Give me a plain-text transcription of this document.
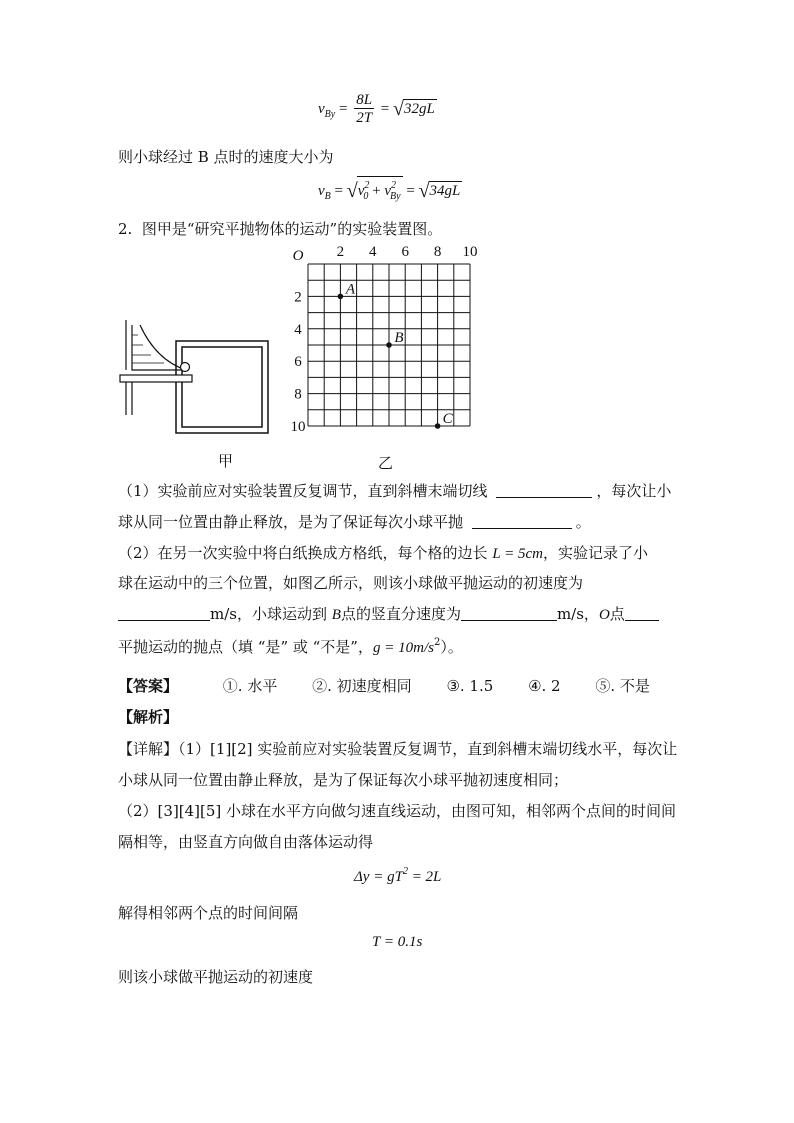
$v_{By} = \frac{8L}{2T} = √32gL$
则小球经过 B 点时的速度大小为
$v_B = √v^2_0 + v^2_{By} = √34gL$
2. 图甲是“研究平抛物体的运动”的实验装置图。
甲
O 2 4 6 8 10
2
4
6
8
10
A
B
C
乙
（1）实验前应对实验装置反复调节，直到斜槽末端切线	，每次让小
球从同一位置由静止释放，是为了保证每次小球平抛	。
（2）在另一次实验中将白纸换成方格纸，每个格的边长 L = 5cm，实验记录了小
球在运动中的三个位置，如图乙所示，则该小球做平抛运动的初速度为
m/s，小球运动到 B点的竖直分速度为	m/s，O点
平抛运动的抛点（填 “是” 或 “不是”，$g = 10m/s^2$）。
【答案】	①. 水平 ②. 初速度相同 ③. 1.5 ④. 2 ⑤. 不是
【解析】
【详解】（1）[1][2] 实验前应对实验装置反复调节，直到斜槽末端切线水平，每次让
小球从同一位置由静止释放，是为了保证每次小球平抛初速度相同；
（2）[3][4][5] 小球在水平方向做匀速直线运动，由图可知，相邻两个点间的时间间
隔相等，由竖直方向做自由落体运动得
$\Delta y = gT^2 = 2L$
解得相邻两个点的时间间隔
T = 0.1s
则该小球做平抛运动的初速度
